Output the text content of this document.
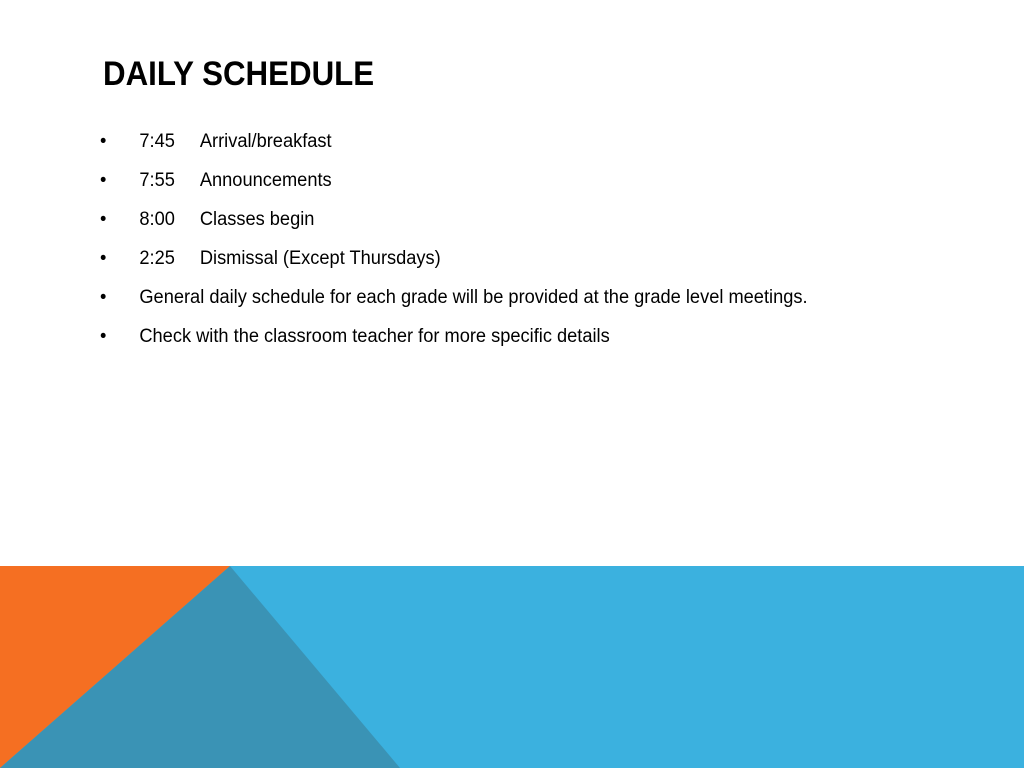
DAILY SCHEDULE
•	7:45 Arrival/breakfast
•	7:55 Announcements
•	8:00 Classes begin
•	2:25 Dismissal (Except Thursdays)
•	General daily schedule for each grade will be provided at the grade level meetings.
•	Check with the classroom teacher for more specific details
